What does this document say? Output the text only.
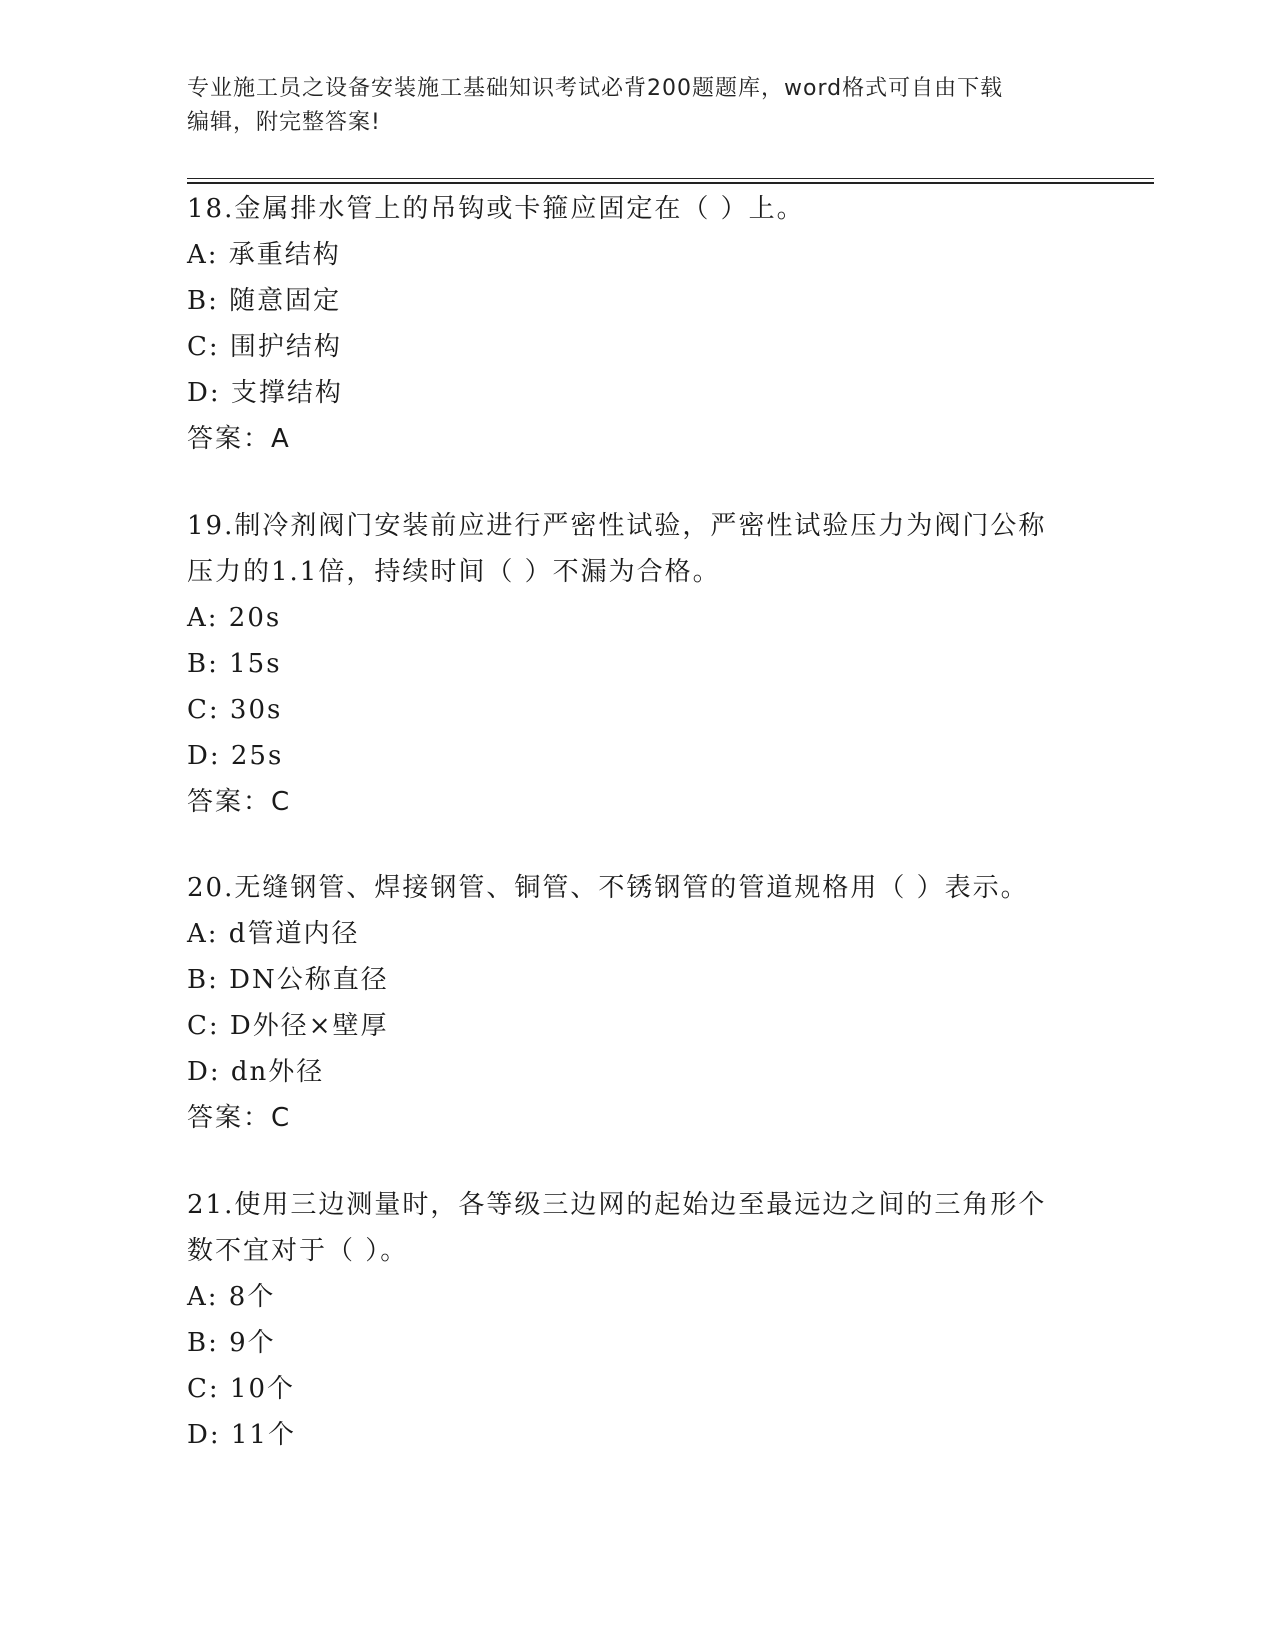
专业施工员之设备安装施工基础知识考试必背200题题库，word格式可自由下载
编辑，附完整答案!
18.金属排水管上的吊钩或卡箍应固定在（ ）上。
A: 承重结构
B: 随意固定
C: 围护结构
D: 支撑结构
答案：A
19.制冷剂阀门安装前应进行严密性试验，严密性试验压力为阀门公称
压力的1.1倍，持续时间（ ）不漏为合格。
A: 20s
B: 15s
C: 30s
D: 25s
答案：C
20.无缝钢管、焊接钢管、铜管、不锈钢管的管道规格用（ ）表示。
A: d管道内径
B: DN公称直径
C: D外径×壁厚
D: dn外径
答案：C
21.使用三边测量时，各等级三边网的起始边至最远边之间的三角形个
数不宜对于（ ）。
A: 8个
B: 9个
C: 10个
D: 11个
